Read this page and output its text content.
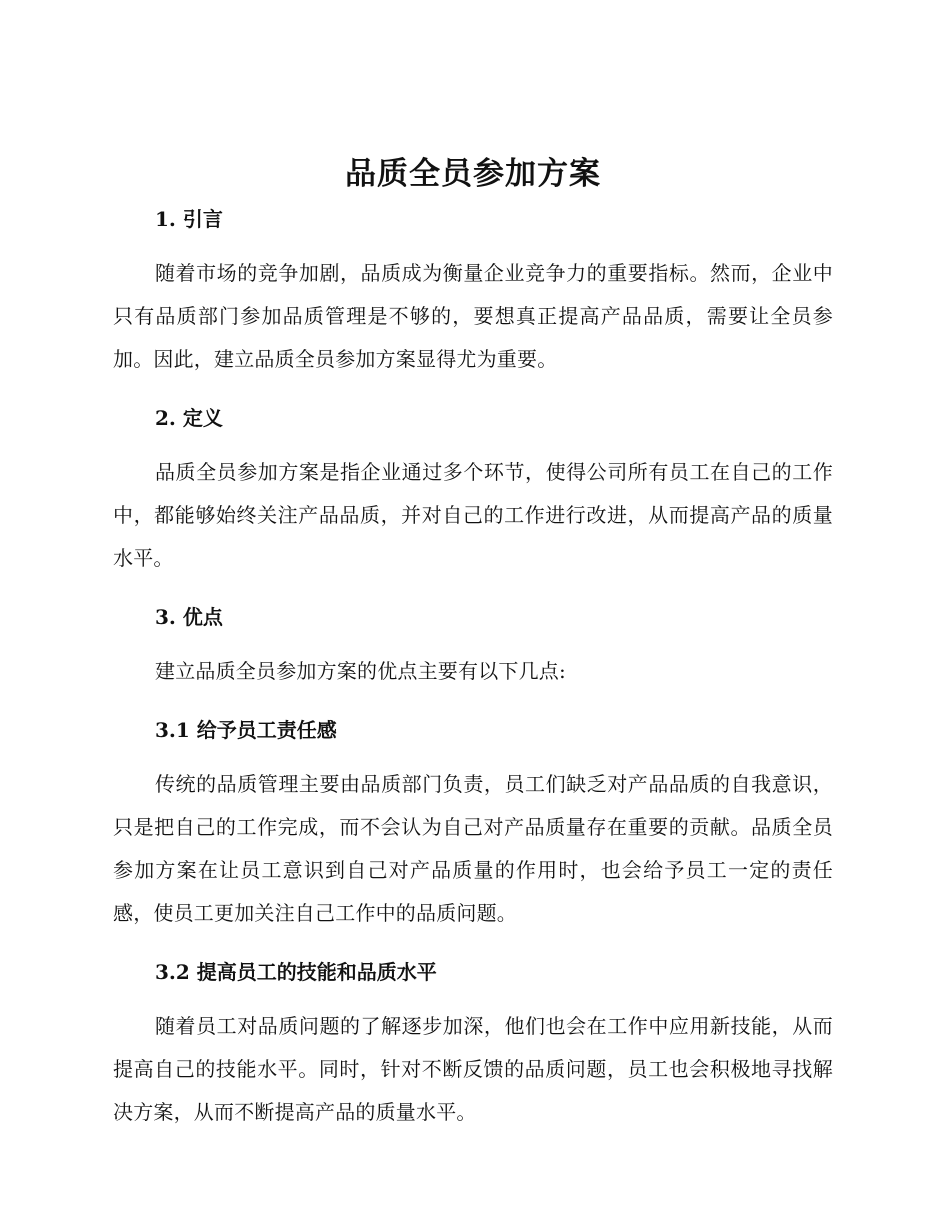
品质全员参加方案
1. 引言

随着市场的竞争加剧，品质成为衡量企业竞争力的重要指标。然而，企业中只有品质部门参加品质管理是不够的，要想真正提高产品品质，需要让全员参加。因此，建立品质全员参加方案显得尤为重要。

2. 定义

品质全员参加方案是指企业通过多个环节，使得公司所有员工在自己的工作中，都能够始终关注产品品质，并对自己的工作进行改进，从而提高产品的质量水平。

3. 优点

建立品质全员参加方案的优点主要有以下几点:

3.1 给予员工责任感

传统的品质管理主要由品质部门负责，员工们缺乏对产品品质的自我意识，只是把自己的工作完成，而不会认为自己对产品质量存在重要的贡献。品质全员参加方案在让员工意识到自己对产品质量的作用时，也会给予员工一定的责任感，使员工更加关注自己工作中的品质问题。

3.2 提高员工的技能和品质水平

随着员工对品质问题的了解逐步加深，他们也会在工作中应用新技能，从而提高自己的技能水平。同时，针对不断反馈的品质问题，员工也会积极地寻找解决方案，从而不断提高产品的质量水平。
